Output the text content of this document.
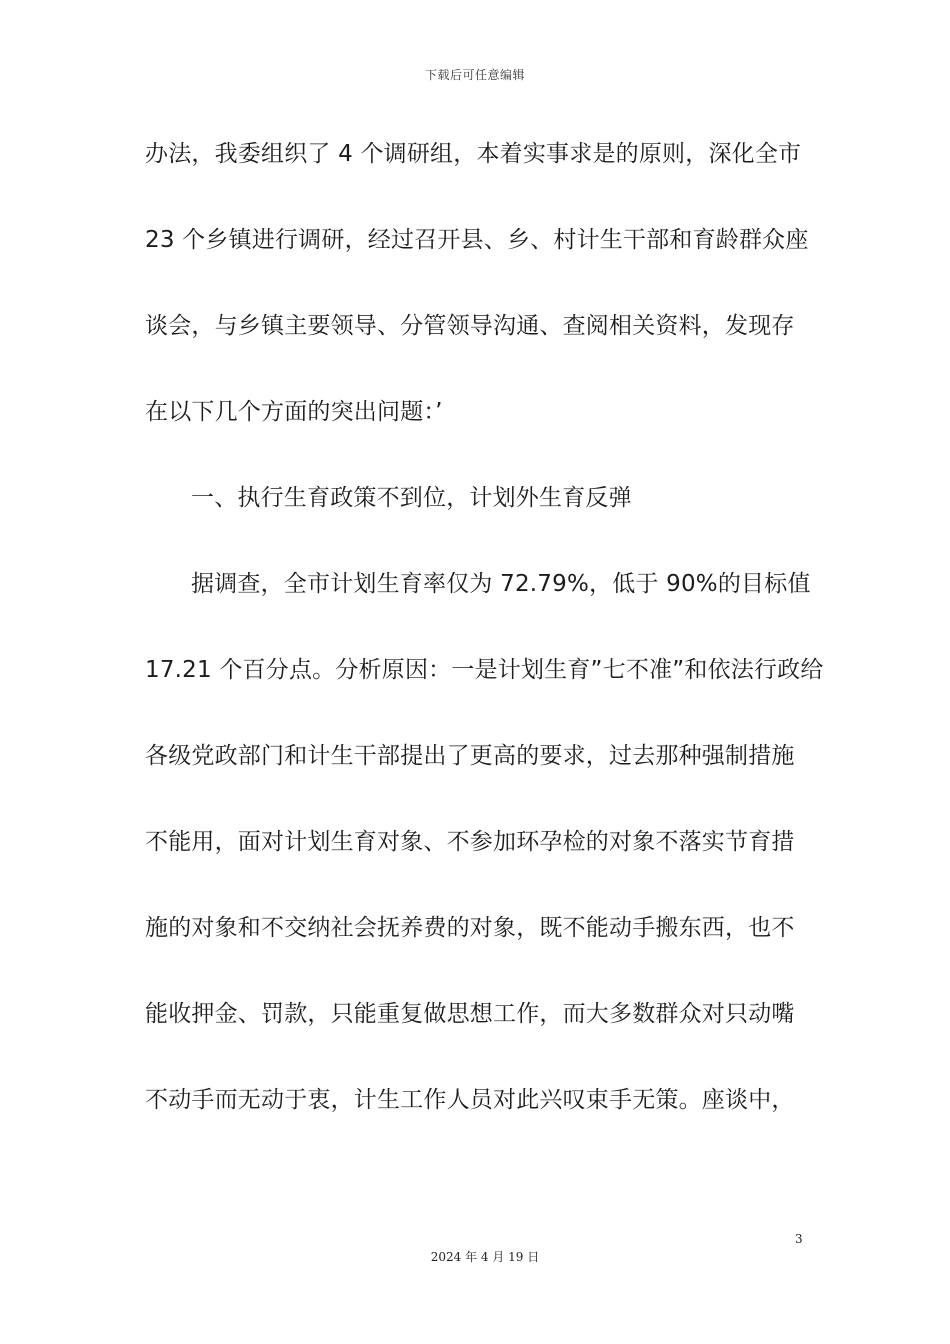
下载后可任意编辑
办法，我委组织了 4 个调研组，本着实事求是的原则，深化全市
23 个乡镇进行调研，经过召开县、乡、村计生干部和育龄群众座
谈会，与乡镇主要领导、分管领导沟通、查阅相关资料，发现存
在以下几个方面的突出问题：’
一、执行生育政策不到位，计划外生育反弹
据调查，全市计划生育率仅为 72.79%，低于 90%的目标值
17.21 个百分点。分析原因：一是计划生育”七不准”和依法行政给
各级党政部门和计生干部提出了更高的要求，过去那种强制措施
不能用，面对计划生育对象、不参加环孕检的对象不落实节育措
施的对象和不交纳社会抚养费的对象，既不能动手搬东西，也不
能收押金、罚款，只能重复做思想工作，而大多数群众对只动嘴
不动手而无动于衷，计生工作人员对此兴叹束手无策。座谈中，
3
2024 年 4 月 19 日
